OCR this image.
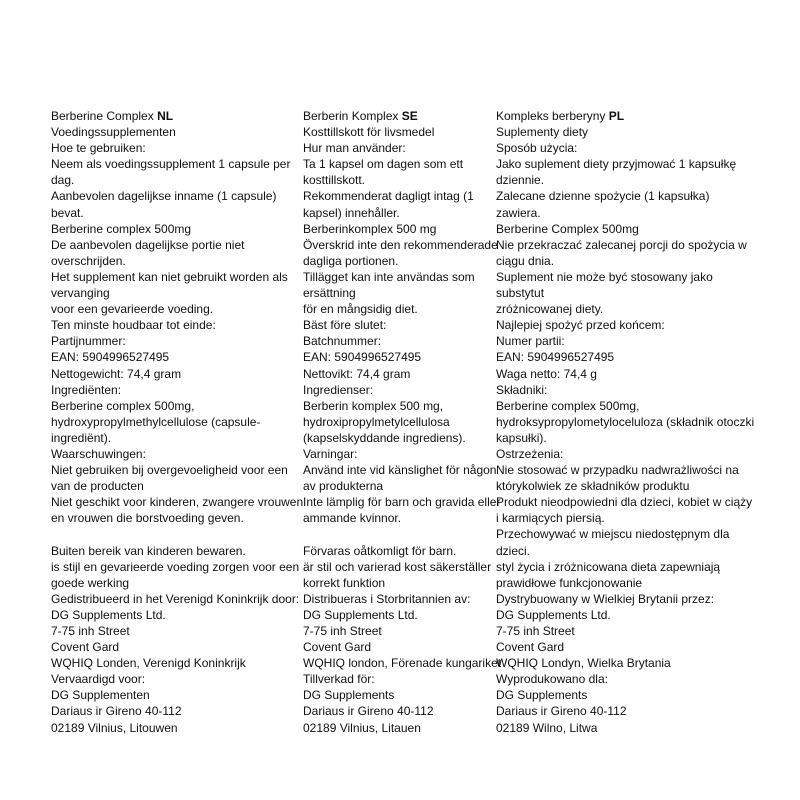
Berberine Complex NL
Voedingssupplementen
Hoe te gebruiken:
Neem als voedingssupplement 1 capsule per
dag.
Aanbevolen dagelijkse inname (1 capsule)
bevat.
Berberine complex 500mg
De aanbevolen dagelijkse portie niet
overschrijden.
Het supplement kan niet gebruikt worden als
vervanging
voor een gevarieerde voeding.
Ten minste houdbaar tot einde:
Partijnummer:
EAN: 5904996527495
Nettogewicht: 74,4 gram
Ingrediënten:
Berberine complex 500mg,
hydroxypropylmethylcellulose (capsule-
ingrediënt).
Waarschuwingen:
Niet gebruiken bij overgevoeligheid voor een
van de producten
Niet geschikt voor kinderen, zwangere vrouwen
en vrouwen die borstvoeding geven.
Buiten bereik van kinderen bewaren.
is stijl en gevarieerde voeding zorgen voor een
goede werking
Gedistribueerd in het Verenigd Koninkrijk door:
DG Supplements Ltd.
7-75 inh Street
Covent Gard
WQHIQ Londen, Verenigd Koninkrijk
Vervaardigd voor:
DG Supplementen
Dariaus ir Gireno 40-112
02189 Vilnius, Litouwen
Berberin Komplex SE
Kosttillskott för livsmedel
Hur man använder:
Ta 1 kapsel om dagen som ett
kosttillskott.
Rekommenderat dagligt intag (1
kapsel) innehåller.
Berberinkomplex 500 mg
Överskrid inte den rekommenderade
dagliga portionen.
Tillägget kan inte användas som
ersättning
för en mångsidig diet.
Bäst före slutet:
Batchnummer:
EAN: 5904996527495
Nettovikt: 74,4 gram
Ingredienser:
Berberin komplex 500 mg,
hydroxipropylmetylcellulosa
(kapselskyddande ingrediens).
Varningar:
Använd inte vid känslighet för någon
av produkterna
Inte lämplig för barn och gravida eller
ammande kvinnor.
Förvaras oåtkomligt för barn.
är stil och varierad kost säkerställer
korrekt funktion
Distribueras i Storbritannien av:
DG Supplements Ltd.
7-75 inh Street
Covent Gard
WQHIQ london, Förenade kungariket
Tillverkad för:
DG Supplements
Dariaus ir Gireno 40-112
02189 Vilnius, Litauen
Kompleks berberyny PL
Suplementy diety
Sposób użycia:
Jako suplement diety przyjmować 1 kapsułkę
dziennie.
Zalecane dzienne spożycie (1 kapsułka)
zawiera.
Berberine Complex 500mg
Nie przekraczać zalecanej porcji do spożycia w
ciągu dnia.
Suplement nie może być stosowany jako
substytut
zróżnicowanej diety.
Najlepiej spożyć przed końcem:
Numer partii:
EAN: 5904996527495
Waga netto: 74,4 g
Składniki:
Berberine complex 500mg,
hydroksypropylometyloceluloza (składnik otoczki
kapsułki).
Ostrzeżenia:
Nie stosować w przypadku nadwrażliwości na
którykolwiek ze składników produktu
Produkt nieodpowiedni dla dzieci, kobiet w ciąży
i karmiących piersią.
Przechowywać w miejscu niedostępnym dla
dzieci.
styl życia i zróżnicowana dieta zapewniają
prawidłowe funkcjonowanie
Dystrybuowany w Wielkiej Brytanii przez:
DG Supplements Ltd.
7-75 inh Street
Covent Gard
WQHIQ Londyn, Wielka Brytania
Wyprodukowano dla:
DG Supplements
Dariaus ir Gireno 40-112
02189 Wilno, Litwa
